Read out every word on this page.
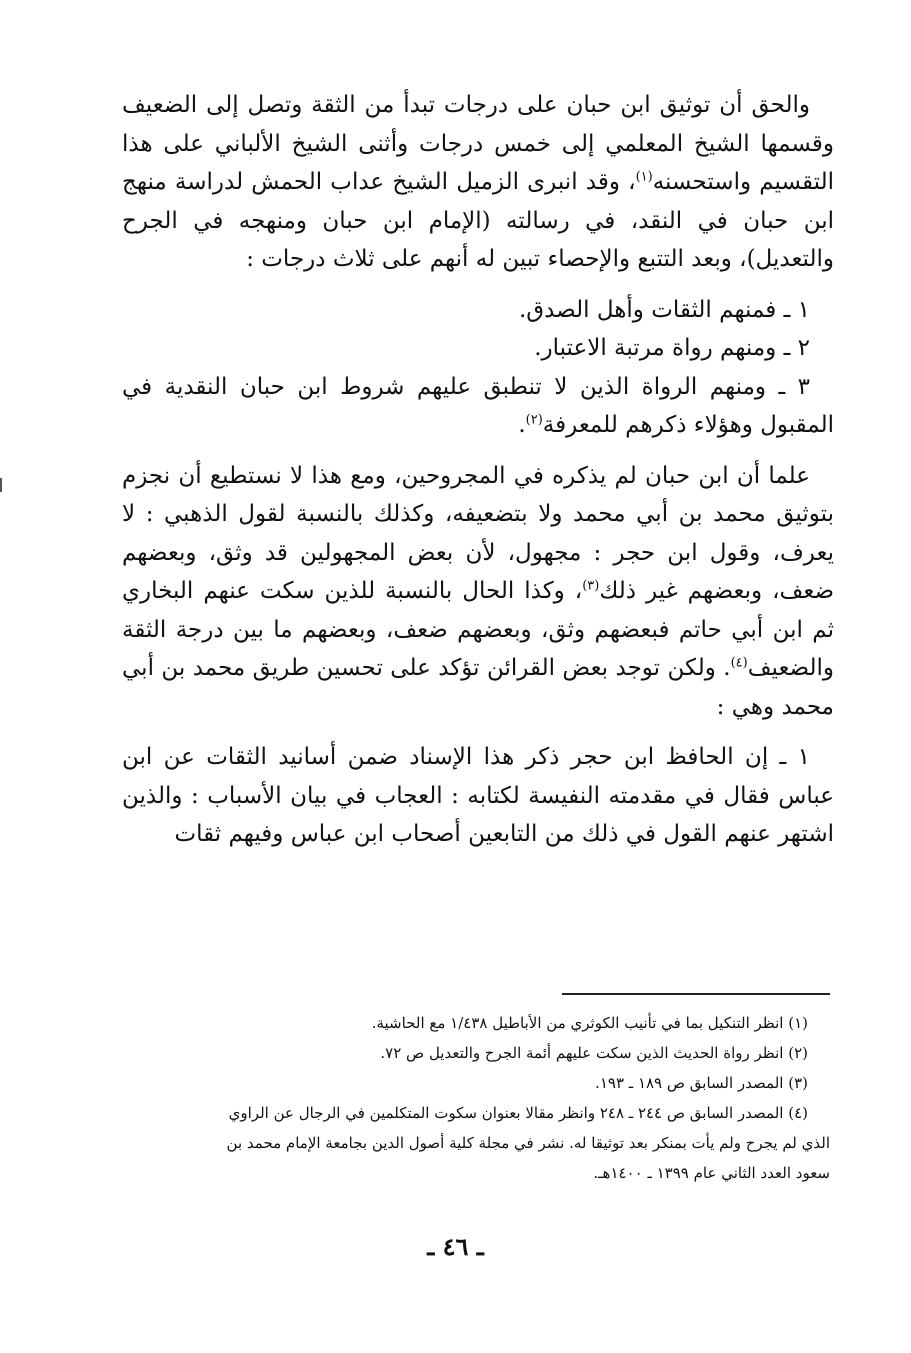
والحق أن توثيق ابن حبان على درجات تبدأ من الثقة وتصل إلى الضعيف وقسمها الشيخ المعلمي إلى خمس درجات وأثنى الشيخ الألباني على هذا التقسيم واستحسنه$^{(١)}$، وقد انبرى الزميل الشيخ عداب الحمش لدراسة منهج ابن حبان في النقد، في رسالته (الإمام ابن حبان ومنهجه في الجرح والتعديل)، وبعد التتبع والإحصاء تبين له أنهم على ثلاث درجات :

١ ـ فمنهم الثقات وأهل الصدق.

٢ ـ ومنهم رواة مرتبة الاعتبار.

٣ ـ ومنهم الرواة الذين لا تنطبق عليهم شروط ابن حبان النقدية في المقبول وهؤلاء ذكرهم للمعرفة$^{(٢)}$.

علما أن ابن حبان لم يذكره في المجروحين، ومع هذا لا نستطيع أن نجزم بتوثيق محمد بن أبي محمد ولا بتضعيفه، وكذلك بالنسبة لقول الذهبي : لا يعرف، وقول ابن حجر : مجهول، لأن بعض المجهولين قد وثق، وبعضهم ضعف، وبعضهم غير ذلك$^{(٣)}$، وكذا الحال بالنسبة للذين سكت عنهم البخاري ثم ابن أبي حاتم فبعضهم وثق، وبعضهم ضعف، وبعضهم ما بين درجة الثقة والضعيف$^{(٤)}$. ولكن توجد بعض القرائن تؤكد على تحسين طريق محمد بن أبي محمد وهي :

١ ـ إن الحافظ ابن حجر ذكر هذا الإسناد ضمن أسانيد الثقات عن ابن عباس فقال في مقدمته النفيسة لكتابه : العجاب في بيان الأسباب : والذين اشتهر عنهم القول في ذلك من التابعين أصحاب ابن عباس وفيهم ثقات

(١) انظر التنكيل بما في تأنيب الكوثري من الأباطيل ١/٤٣٨ مع الحاشية.

(٢) انظر رواة الحديث الذين سكت عليهم أئمة الجرح والتعديل ص ٧٢.

(٣) المصدر السابق ص ١٨٩ ـ ١٩٣.

(٤) المصدر السابق ص ٢٤٤ ـ ٢٤٨ وانظر مقالا بعنوان سكوت المتكلمين في الرجال عن الراوي

الذي لم يجرح ولم يأت بمنكر بعد توثيقا له. نشر في مجلة كلية أصول الدين بجامعة الإمام محمد بن

سعود العدد الثاني عام ١٣٩٩ ـ ١٤٠٠هـ.

ـ ٤٦ ـ
